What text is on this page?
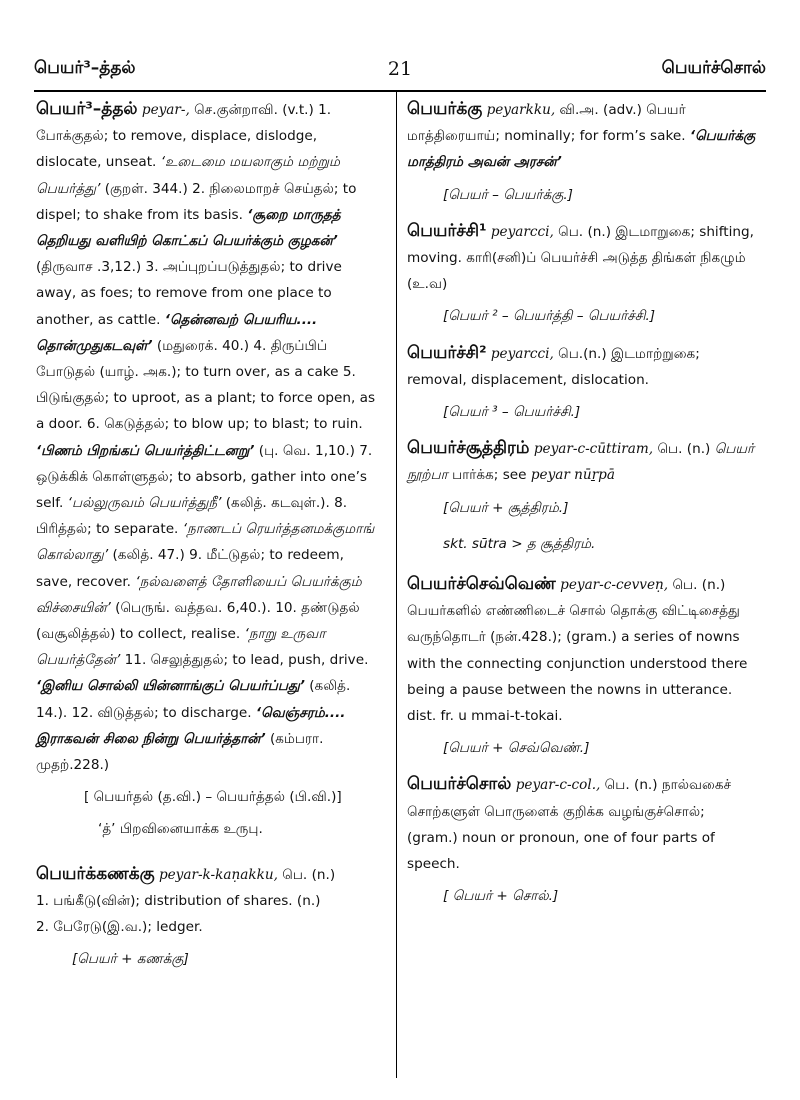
பெயர்³–த்தல்	21	பெயர்ச்சொல்
பெயர்³–த்தல் peyar-, செ.குன்றாவி. (v.t.) 1. போக்குதல்; to remove, displace, dislodge, dislocate, unseat. ‘உடைமை மயலாகும் மற்றும் பெயர்த்து’ (குறள். 344.) 2. நிலைமாறச் செய்தல்; to dispel; to shake from its basis. ‘சூறை மாருதத் தெறியது வளியிற் கொட்கப் பெயர்க்கும் குழகன்’ (திருவாச .3,12.) 3. அப்புறப்படுத்துதல்; to drive away, as foes; to remove from one place to another, as cattle. ‘தென்னவற் பெயரிய.... தொன்முதுகடவுள்’ (மதுரைக். 40.) 4. திருப்பிப் போடுதல் (யாழ். அக.); to turn over, as a cake 5. பிடுங்குதல்; to uproot, as a plant; to force open, as a door. 6. கெடுத்தல்; to blow up; to blast; to ruin. ‘பிணம் பிறங்கப் பெயர்த்திட்டனறு’ (பு. வெ. 1,10.) 7. ஒடுக்கிக் கொள்ளுதல்; to absorb, gather into one’s self. ‘பல்லுருவம் பெயர்த்துநீ’ (கலித். கடவுள்.). 8. பிரித்தல்; to separate. ‘நாணடப் ரெயர்த்தனமக்குமாங் கொல்லாது’ (கலித். 47.) 9. மீட்டுதல்; to redeem, save, recover. ‘நல்வளைத் தோளியைப் பெயர்க்கும் விச்சையின்’ (பெருங். வத்தவ. 6,40.). 10. தண்டுதல் (வசூலித்தல்) to collect, realise. ‘நாறு உருவா பெயர்த்தேன்’ 11. செலுத்துதல்; to lead, push, drive. ‘இனிய சொல்லி யின்னாங்குப் பெயர்ப்பது’ (கலித். 14.). 12. விடுத்தல்; to discharge. ‘வெஞ்சரம்.... இராகவன் சிலை நின்று பெயர்த்தான்’ (கம்பரா. முதற்.228.)
[ பெயர்தல் (த.வி.) – பெயர்த்தல் (பி.வி.)]
‘த்’ பிறவினையாக்க உருபு.
பெயர்க்கணக்கு peyar-k-kaṇakku, பெ. (n.)
1. பங்கீடு(வின்); distribution of shares. (n.)
2. பேரேடு(இ.வ.); ledger.
[பெயர் + கணக்கு]
பெயர்க்கு peyarkku, வி.அ. (adv.) பெயர் மாத்திரையாய்; nominally; for form’s sake. ‘பெயர்க்கு மாத்திரம் அவன் அரசன்’
[பெயர் – பெயர்க்கு.]
பெயர்ச்சி¹ peyarcci, பெ. (n.) இடமாறுகை; shifting, moving. காரி(சனி)ப் பெயர்ச்சி அடுத்த திங்கள் நிகழும் (உ.வ)
[பெயர் ² – பெயர்த்தி – பெயர்ச்சி.]
பெயர்ச்சி² peyarcci, பெ.(n.) இடமாற்றுகை; removal, displacement, dislocation.
[பெயர் ³ – பெயர்ச்சி.]
பெயர்ச்சூத்திரம் peyar-c-cūttiram, பெ. (n.) பெயர் நூற்பா பார்க்க; see peyar nūṟpā
[பெயர் + சூத்திரம்.]
skt. sūtra > த சூத்திரம்.
பெயர்ச்செவ்வெண் peyar-c-cevveṇ, பெ. (n.) பெயர்களில் எண்ணிடைச் சொல் தொக்கு விட்டிசைத்து வருந்தொடர் (நன்.428.); (gram.) a series of nowns with the connecting conjunction understood there being a pause between the nowns in utterance. dist. fr. u mmai-t-tokai.
[பெயர் + செவ்வெண்.]
பெயர்ச்சொல் peyar-c-col., பெ. (n.) நால்வகைச் சொற்களுள் பொருளைக் குறிக்க வழங்குச்சொல்; (gram.) noun or pronoun, one of four parts of speech.
[ பெயர் + சொல்.]
